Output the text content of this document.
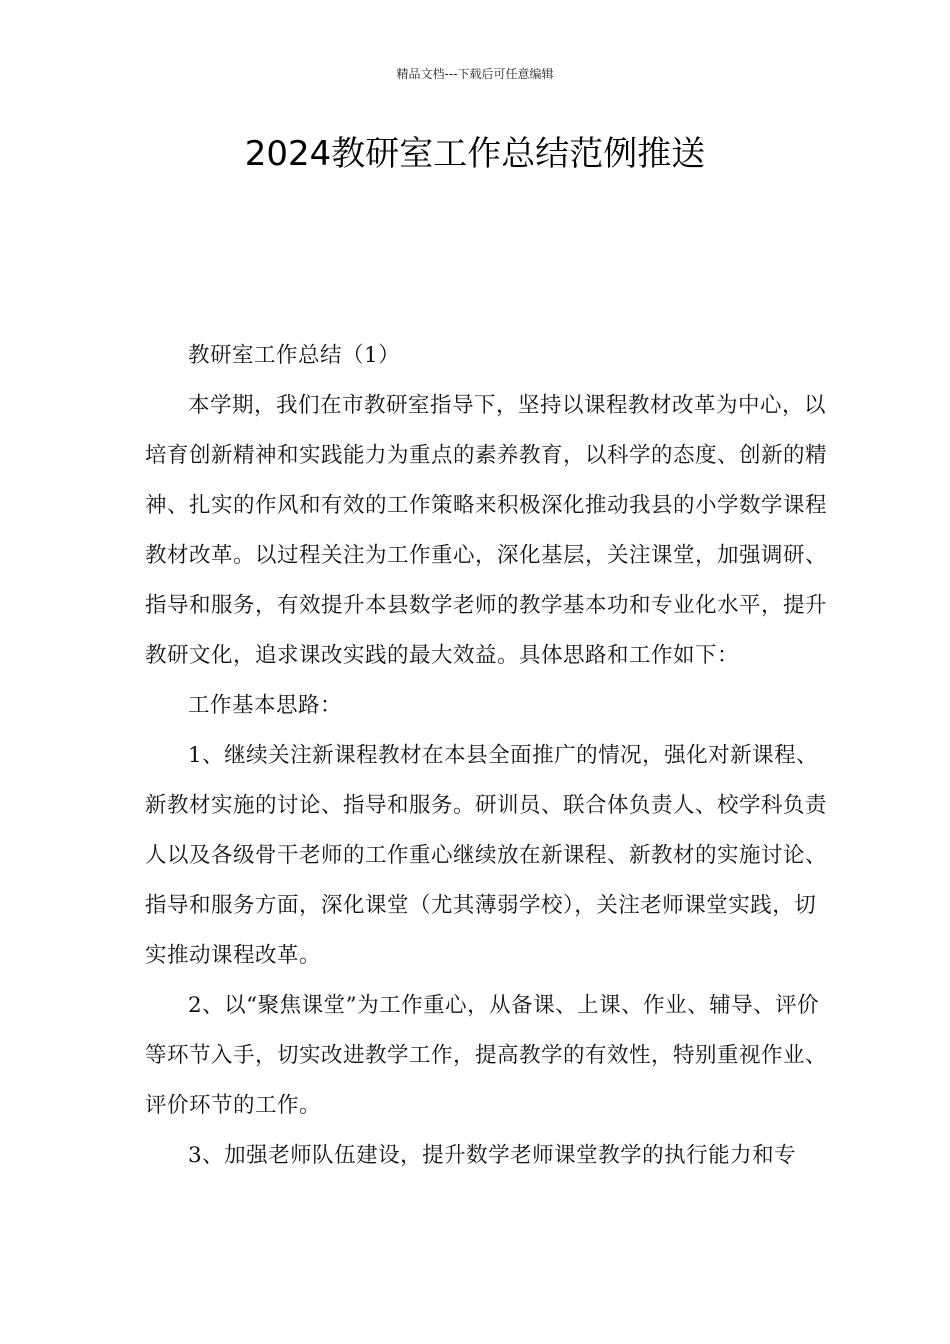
精品文档---下载后可任意编辑
2024教研室工作总结范例推送

教研室工作总结（1）

本学期，我们在市教研室指导下，坚持以课程教材改革为中心，以培育创新精神和实践能力为重点的素养教育，以科学的态度、创新的精神、扎实的作风和有效的工作策略来积极深化推动我县的小学数学课程教材改革。以过程关注为工作重心，深化基层，关注课堂，加强调研、指导和服务，有效提升本县数学老师的教学基本功和专业化水平，提升教研文化，追求课改实践的最大效益。具体思路和工作如下：

工作基本思路：

1、继续关注新课程教材在本县全面推广的情况，强化对新课程、新教材实施的讨论、指导和服务。研训员、联合体负责人、校学科负责人以及各级骨干老师的工作重心继续放在新课程、新教材的实施讨论、指导和服务方面，深化课堂（尤其薄弱学校），关注老师课堂实践，切实推动课程改革。

2、以“聚焦课堂”为工作重心，从备课、上课、作业、辅导、评价等环节入手，切实改进教学工作，提高教学的有效性，特别重视作业、评价环节的工作。

3、加强老师队伍建设，提升数学老师课堂教学的执行能力和专
